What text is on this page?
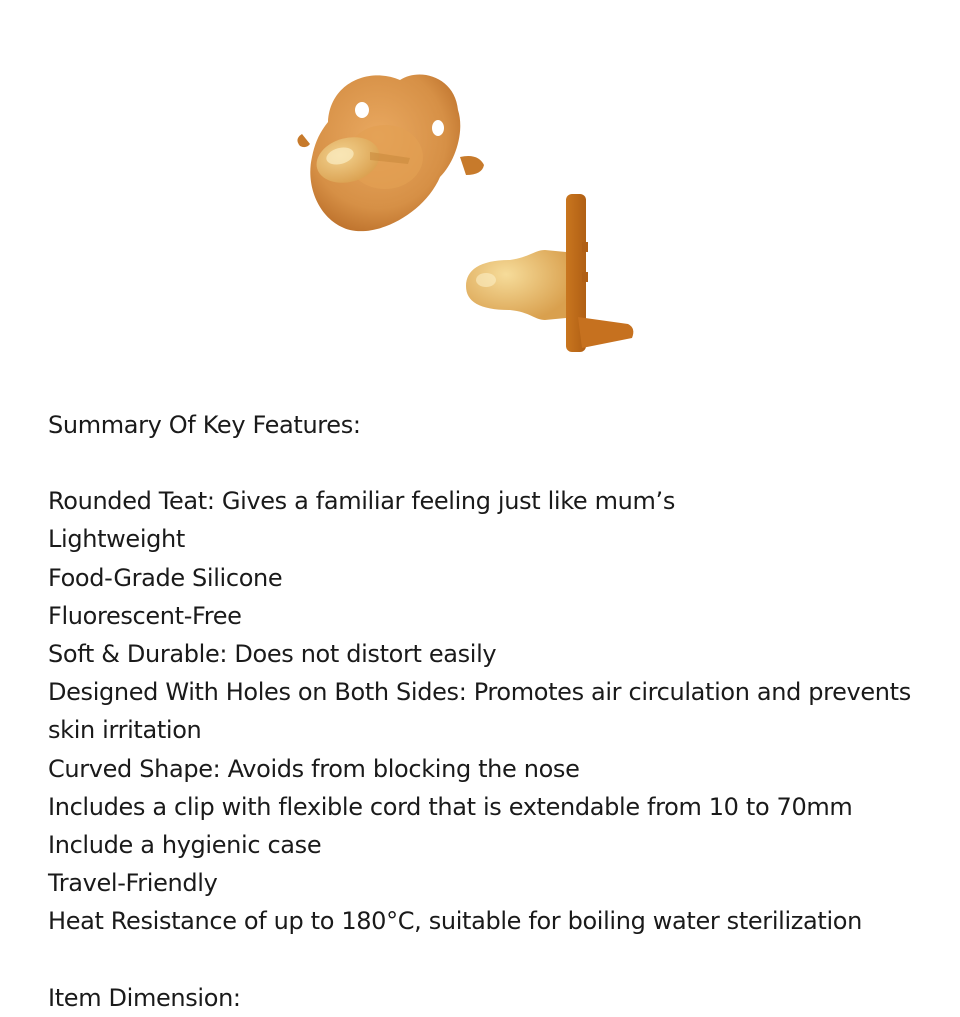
Summary Of Key Features:

Rounded Teat: Gives a familiar feeling just like mum’s
Lightweight
Food-Grade Silicone
Fluorescent-Free
Soft & Durable: Does not distort easily
Designed With Holes on Both Sides: Promotes air circulation and prevents skin irritation
Curved Shape: Avoids from blocking the nose
Includes a clip with flexible cord that is extendable from 10 to 70mm
Include a hygienic case
Travel-Friendly
Heat Resistance of up to 180°C, suitable for boiling water sterilization

Item Dimension:
